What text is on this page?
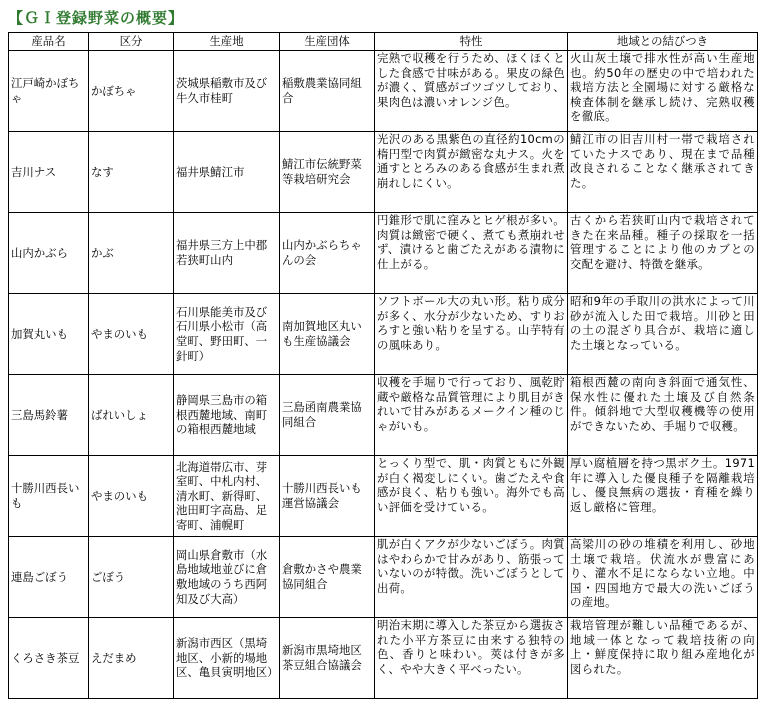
【ＧＩ登録野菜の概要】
産品名	区分	生産地	生産団体	特性	地域との結びつき
江戸崎かぼちゃ	かぼちゃ	茨城県稲敷市及び牛久市桂町	稲敷農業協同組合	完熟で収穫を行うため、ほくほくとした食感で甘味がある。果皮の緑色が濃く、質感がゴツゴツしており、果肉色は濃いオレンジ色。	火山灰土壌で排水性が高い生産地也。約50年の歴史の中で培われた栽培方法と全園場に対する厳格な検査体制を継承し続け、完熟収穫を徹底。
吉川ナス	なす	福井県鯖江市	鯖江市伝統野菜等栽培研究会	光沢のある黒紫色の直径約10cmの楕円型で肉質が緻密な丸ナス。火を通すととろみのある食感が生まれ煮崩れしにくい。	鯖江市の旧吉川村一帯で栽培されていたナスであり、現在まで品種改良されることなく継承されてきた。
山内かぶら	かぶ	福井県三方上中郡若狭町山内	山内かぶらちゃんの会	円錐形で肌に窪みとヒゲ根が多い。肉質は緻密で硬く、煮ても煮崩れせず、漬けると歯ごたえがある漬物に仕上がる。	古くから若狭町山内で栽培されてきた在来品種。種子の採取を一括管理することにより他のカブとの交配を避け、特徴を継承。
加賀丸いも	やまのいも	石川県能美市及び石川県小松市（高堂町、野田町、一針町）	南加賀地区丸いも生産協議会	ソフトボール大の丸い形。粘り成分が多く、水分が少ないため、すりおろすと強い粘りを呈する。山芋特有の風味あり。	昭和9年の手取川の洪水によって川砂が流入した田で栽培。川砂と田の土の混ざり具合が、栽培に適した土壌となっている。
三島馬鈴薯	ばれいしょ	静岡県三島市の箱根西麓地域、南町の箱根西麓地域	三島函南農業協同組合	収穫を手堀りで行っており、風乾貯蔵や厳格な品質管理により肌目がきれいで甘みがあるメークイン種のじゃがいも。	箱根西麓の南向き斜面で通気性、保水性に優れた土壌及び自然条件。傾斜地で大型収穫機等の使用ができないため、手堀りで収穫。
十勝川西長いも	やまのいも	北海道帯広市、芽室町、中札内村、清水町、新得町、池田町字高島、足寄町、浦幌町	十勝川西長いも運営協議会	とっくり型で、肌・肉質ともに外観が白く褐変しにくい。歯ごたえや食感が良く、粘りも強い。海外でも高い評価を受けている。	厚い腐植層を持つ黒ボク土。1971年に導入した優良種子を隔離栽培し、優良無病の選抜・育種を繰り返し厳格に管理。
連島ごぼう	ごぼう	岡山県倉敷市（水島地域地並びに倉敷地域のうち西阿知及び大高）	倉敷かさや農業協同組合	肌が白くアクが少ないごぼう。肉質はやわらかで甘みがあり、筋張っていないのが特徴。洗いごぼうとして出荷。	高梁川の砂の堆積を利用し、砂地土壌で栽培。伏流水が豊富にあり、灌水不足にならない立地。中国・四国地方で最大の洗いごぼうの産地。
くろさき茶豆	えだまめ	新潟市西区（黒埼地区、小新的場地区、亀貝寅明地区）	新潟市黒埼地区茶豆組合協議会	明治末期に導入した茶豆から選抜された小平方茶豆に由来する独特の色、香りと味わい。莢は付きが多く、やや大きく平べったい。	栽培管理が難しい品種であるが、地域一体となって栽培技術の向上・鮮度保持に取り組み産地化が図られた。
